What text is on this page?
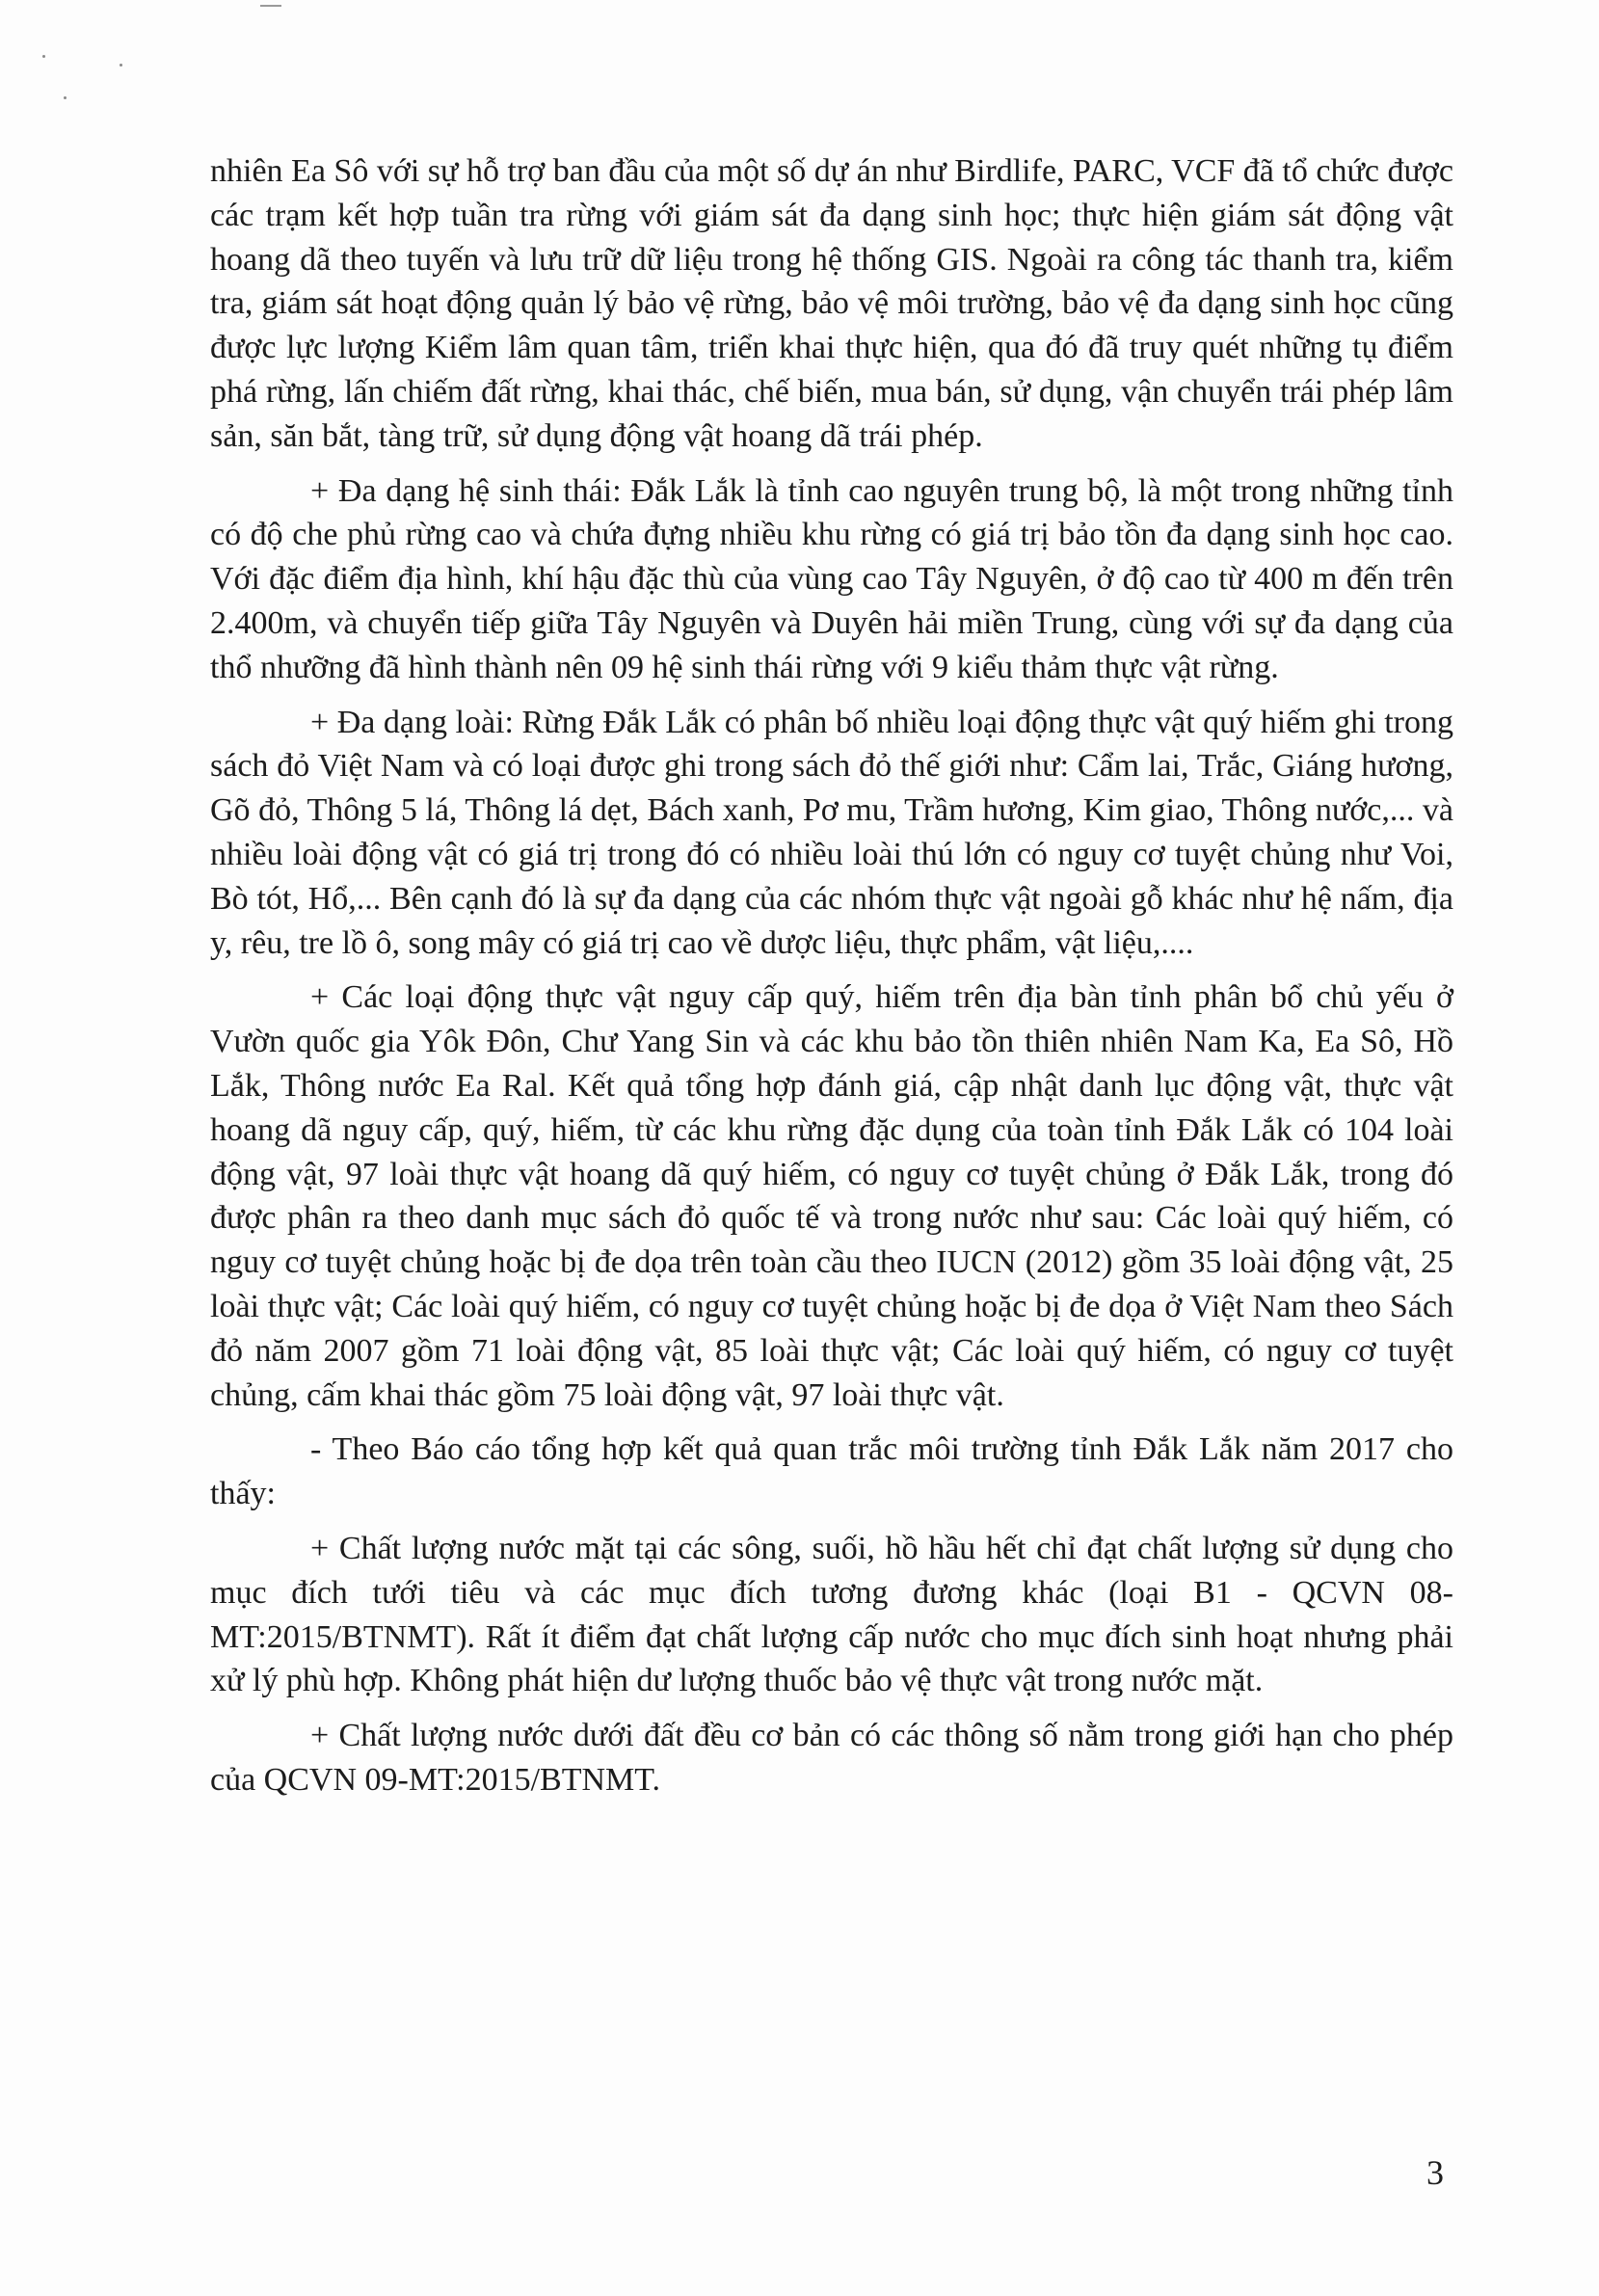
nhiên Ea Sô với sự hỗ trợ ban đầu của một số dự án như Birdlife, PARC, VCF đã tổ chức được các trạm kết hợp tuần tra rừng với giám sát đa dạng sinh học; thực hiện giám sát động vật hoang dã theo tuyến và lưu trữ dữ liệu trong hệ thống GIS. Ngoài ra công tác thanh tra, kiểm tra, giám sát hoạt động quản lý bảo vệ rừng, bảo vệ môi trường, bảo vệ đa dạng sinh học cũng được lực lượng Kiểm lâm quan tâm, triển khai thực hiện, qua đó đã truy quét những tụ điểm phá rừng, lấn chiếm đất rừng, khai thác, chế biến, mua bán, sử dụng, vận chuyển trái phép lâm sản, săn bắt, tàng trữ, sử dụng động vật hoang dã trái phép.

+ Đa dạng hệ sinh thái: Đắk Lắk là tỉnh cao nguyên trung bộ, là một trong những tỉnh có độ che phủ rừng cao và chứa đựng nhiều khu rừng có giá trị bảo tồn đa dạng sinh học cao. Với đặc điểm địa hình, khí hậu đặc thù của vùng cao Tây Nguyên, ở độ cao từ 400 m đến trên 2.400m, và chuyển tiếp giữa Tây Nguyên và Duyên hải miền Trung, cùng với sự đa dạng của thổ nhưỡng đã hình thành nên 09 hệ sinh thái rừng với 9 kiểu thảm thực vật rừng.

+ Đa dạng loài: Rừng Đắk Lắk có phân bố nhiều loại động thực vật quý hiếm ghi trong sách đỏ Việt Nam và có loại được ghi trong sách đỏ thế giới như: Cẩm lai, Trắc, Giáng hương, Gõ đỏ, Thông 5 lá, Thông lá dẹt, Bách xanh, Pơ mu, Trầm hương, Kim giao, Thông nước,... và nhiều loài động vật có giá trị trong đó có nhiều loài thú lớn có nguy cơ tuyệt chủng như Voi, Bò tót, Hổ,... Bên cạnh đó là sự đa dạng của các nhóm thực vật ngoài gỗ khác như hệ nấm, địa y, rêu, tre lồ ô, song mây có giá trị cao về dược liệu, thực phẩm, vật liệu,....

+ Các loại động thực vật nguy cấp quý, hiếm trên địa bàn tỉnh phân bổ chủ yếu ở Vườn quốc gia Yôk Đôn, Chư Yang Sin và các khu bảo tồn thiên nhiên Nam Ka, Ea Sô, Hồ Lắk, Thông nước Ea Ral. Kết quả tổng hợp đánh giá, cập nhật danh lục động vật, thực vật hoang dã nguy cấp, quý, hiếm, từ các khu rừng đặc dụng của toàn tỉnh Đắk Lắk có 104 loài động vật, 97 loài thực vật hoang dã quý hiếm, có nguy cơ tuyệt chủng ở Đắk Lắk, trong đó được phân ra theo danh mục sách đỏ quốc tế và trong nước như sau: Các loài quý hiếm, có nguy cơ tuyệt chủng hoặc bị đe dọa trên toàn cầu theo IUCN (2012) gồm 35 loài động vật, 25 loài thực vật; Các loài quý hiếm, có nguy cơ tuyệt chủng hoặc bị đe dọa ở Việt Nam theo Sách đỏ năm 2007 gồm 71 loài động vật, 85 loài thực vật; Các loài quý hiếm, có nguy cơ tuyệt chủng, cấm khai thác gồm 75 loài động vật, 97 loài thực vật.

- Theo Báo cáo tổng hợp kết quả quan trắc môi trường tỉnh Đắk Lắk năm 2017 cho thấy:

+ Chất lượng nước mặt tại các sông, suối, hồ hầu hết chỉ đạt chất lượng sử dụng cho mục đích tưới tiêu và các mục đích tương đương khác (loại B1 - QCVN 08-MT:2015/BTNMT). Rất ít điểm đạt chất lượng cấp nước cho mục đích sinh hoạt nhưng phải xử lý phù hợp. Không phát hiện dư lượng thuốc bảo vệ thực vật trong nước mặt.

+ Chất lượng nước dưới đất đều cơ bản có các thông số nằm trong giới hạn cho phép của QCVN 09-MT:2015/BTNMT.

3
